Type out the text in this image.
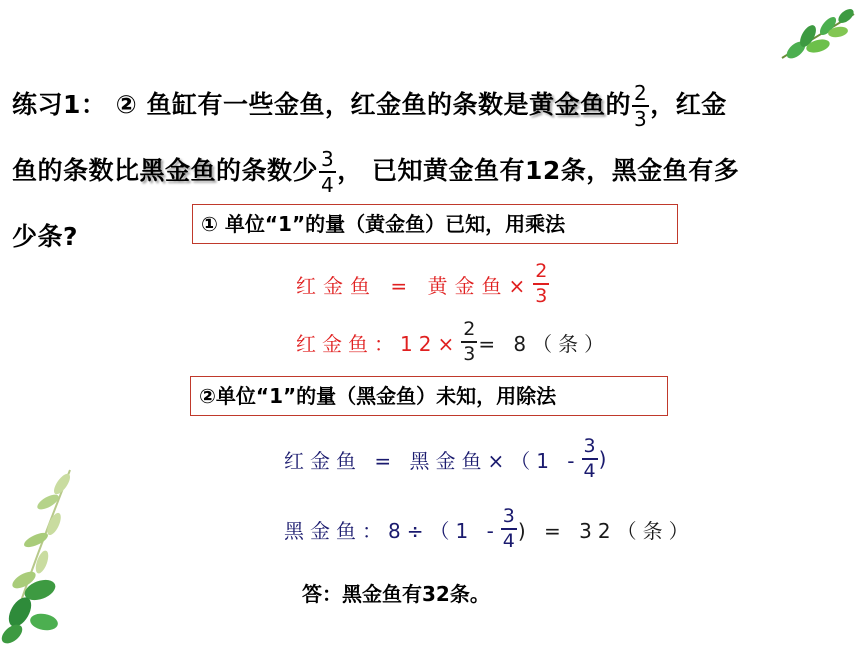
练习1： ② 鱼缸有一些金鱼，红金鱼的条数是黄金鱼的 $\frac{2}{3}$ ，红金
鱼的条数比黑金鱼的条数少 $\frac{3}{4}$ ， 已知黄金鱼有12条，黑金鱼有多
少条?	① 单位“1”的量（黄金鱼）已知，用乘法
红金鱼 = 黄金鱼× $\frac{2}{3}$
红金鱼：$12\times \frac{2}{3} = 8$（条）
②单位“1”的量（黑金鱼）未知，用除法
红金鱼 = 黑金鱼$\times(1 - \frac{3}{4}$ )
黑金鱼：$8\div(1 - \frac{3}{4}$ ) = 32（条）
答：黑金鱼有32条。
